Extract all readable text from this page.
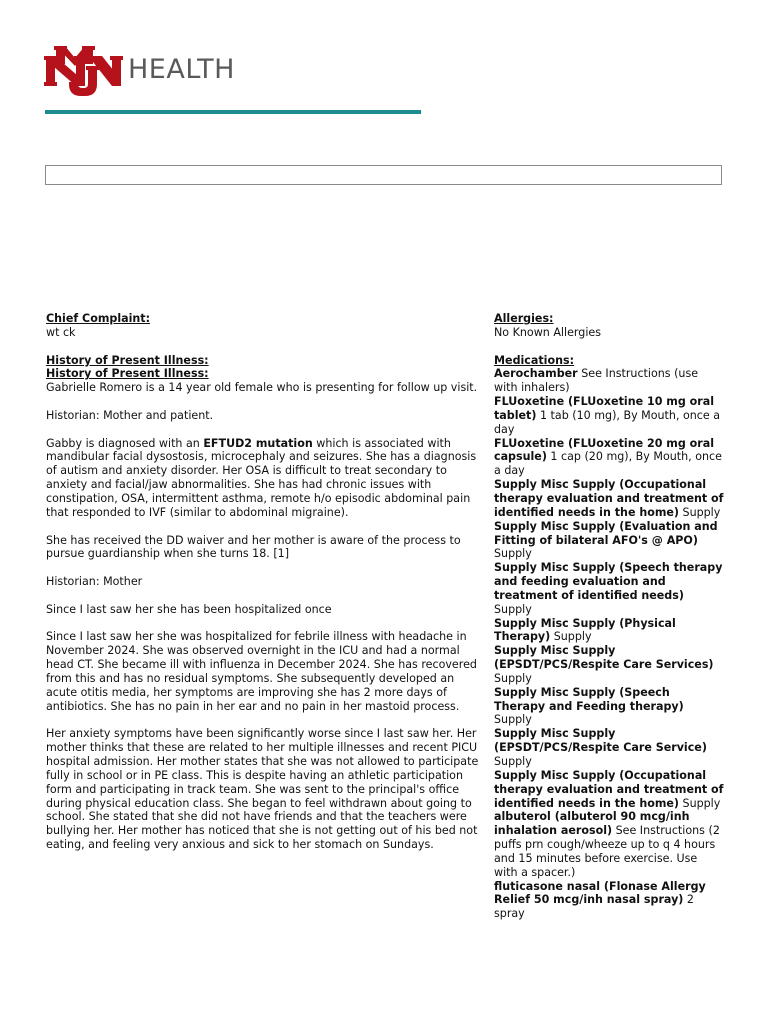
HEALTH
Chief Complaint:
wt ck
History of Present Illness:
History of Present Illness:

Gabrielle Romero is a 14 year old female who is presenting for follow up visit.

Historian: Mother and patient.

Gabby is diagnosed with an EFTUD2 mutation which is associated with mandibular facial dysostosis, microcephaly and seizures. She has a diagnosis of autism and anxiety disorder. Her OSA is difficult to treat secondary to anxiety and facial/jaw abnormalities. She has had chronic issues with constipation, OSA, intermittent asthma, remote h/o episodic abdominal pain that responded to IVF (similar to abdominal migraine).

She has received the DD waiver and her mother is aware of the process to pursue guardianship when she turns 18. [1]

Historian: Mother

Since I last saw her she has been hospitalized once

Since I last saw her she was hospitalized for febrile illness with headache in November 2024. She was observed overnight in the ICU and had a normal head CT. She became ill with influenza in December 2024. She has recovered from this and has no residual symptoms. She subsequently developed an acute otitis media, her symptoms are improving she has 2 more days of antibiotics. She has no pain in her ear and no pain in her mastoid process.

Her anxiety symptoms have been significantly worse since I last saw her. Her mother thinks that these are related to her multiple illnesses and recent PICU hospital admission. Her mother states that she was not allowed to participate fully in school or in PE class. This is despite having an athletic participation form and participating in track team. She was sent to the principal's office during physical education class. She began to feel withdrawn about going to school. She stated that she did not have friends and that the teachers were bullying her. Her mother has noticed that she is not getting out of his bed not eating, and feeling very anxious and sick to her stomach on Sundays.

Allergies:
No Known Allergies
Medications:

Aerochamber See Instructions (use with inhalers)

FLUoxetine (FLUoxetine 10 mg oral tablet) 1 tab (10 mg), By Mouth, once a day

FLUoxetine (FLUoxetine 20 mg oral capsule) 1 cap (20 mg), By Mouth, once a day

Supply Misc Supply (Occupational therapy evaluation and treatment of identified needs in the home) Supply

Supply Misc Supply (Evaluation and Fitting of bilateral AFO's @ APO) Supply

Supply Misc Supply (Speech therapy and feeding evaluation and treatment of identified needs) Supply

Supply Misc Supply (Physical Therapy) Supply

Supply Misc Supply (EPSDT/PCS/Respite Care Services) Supply

Supply Misc Supply (Speech Therapy and Feeding therapy) Supply

Supply Misc Supply (EPSDT/PCS/Respite Care Service) Supply

Supply Misc Supply (Occupational therapy evaluation and treatment of identified needs in the home) Supply

albuterol (albuterol 90 mcg/inh inhalation aerosol) See Instructions (2 puffs prn cough/wheeze up to q 4 hours and 15 minutes before exercise. Use with a spacer.)

fluticasone nasal (Flonase Allergy Relief 50 mcg/inh nasal spray) 2 spray
